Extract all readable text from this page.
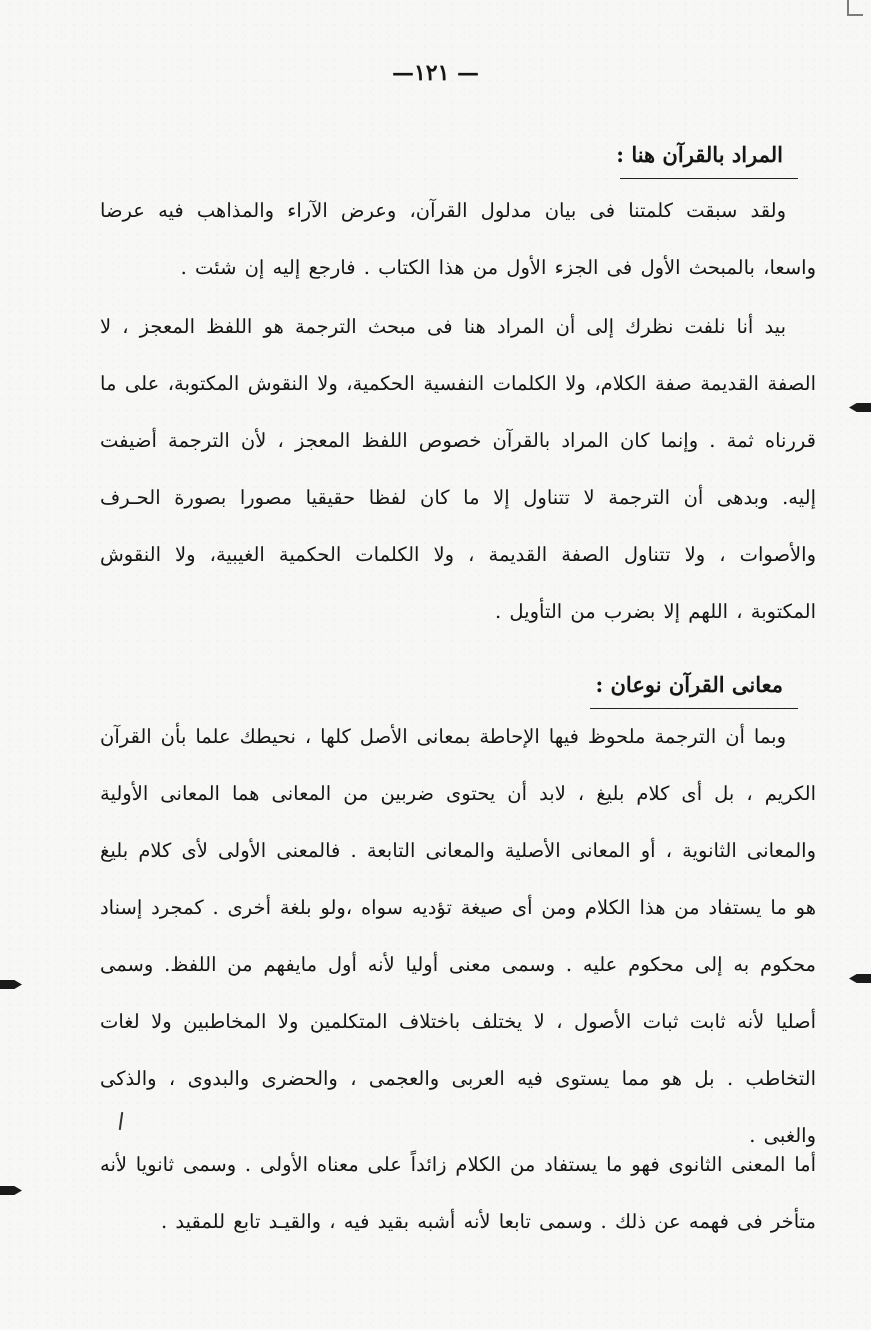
—١٢١ —
المراد بالقرآن هنا :
ولقد سبقت كلمتنا فى بيان مدلول القرآن، وعرض الآراء والمذاهب فيه عرضا واسعا، بالمبحث الأول فى الجزء الأول من هذا الكتاب . فارجع إليه إن شئت .
بيد أنا نلفت نظرك إلى أن المراد هنا فى مبحث الترجمة هو اللفظ المعجز ، لا الصفة القديمة صفة الكلام، ولا الكلمات النفسية الحكمية، ولا النقوش المكتوبة، على ما قررناه ثمة . وإنما كان المراد بالقرآن خصوص اللفظ المعجز ، لأن الترجمة أضيفت إليه. وبدهى أن الترجمة لا تتناول إلا ما كان لفظا حقيقيا مصورا بصورة الحـرف والأصوات ، ولا تتناول الصفة القديمة ، ولا الكلمات الحكمية الغيبية، ولا النقوش المكتوبة ، اللهم إلا بضرب من التأويل .
معانى القرآن نوعان :
وبما أن الترجمة ملحوظ فيها الإحاطة بمعانى الأصل كلها ، نحيطك علما بأن القرآن الكريم ، بل أى كلام بليغ ، لابد أن يحتوى ضربين من المعانى هما المعانى الأولية والمعانى الثانوية ، أو المعانى الأصلية والمعانى التابعة . فالمعنى الأولى لأى كلام بليغ هو ما يستفاد من هذا الكلام ومن أى صيغة تؤديه سواه ،ولو بلغة أخرى . كمجرد إسناد محكوم به إلى محكوم عليه . وسمى معنى أوليا لأنه أول مايفهم من اللفظ. وسمى أصليا لأنه ثابت ثبات الأصول ، لا يختلف باختلاف المتكلمين ولا المخاطبين ولا لغات التخاطب . بل هو مما يستوى فيه العربى والعجمى ، والحضرى والبدوى ، والذكى والغبى .
أما المعنى الثانوى فهو ما يستفاد من الكلام زائداً على معناه الأولى . وسمى ثانويا لأنه متأخر فى فهمه عن ذلك . وسمى تابعا لأنه أشبه بقيد فيه ، والقيـد تابع للمقيد .
